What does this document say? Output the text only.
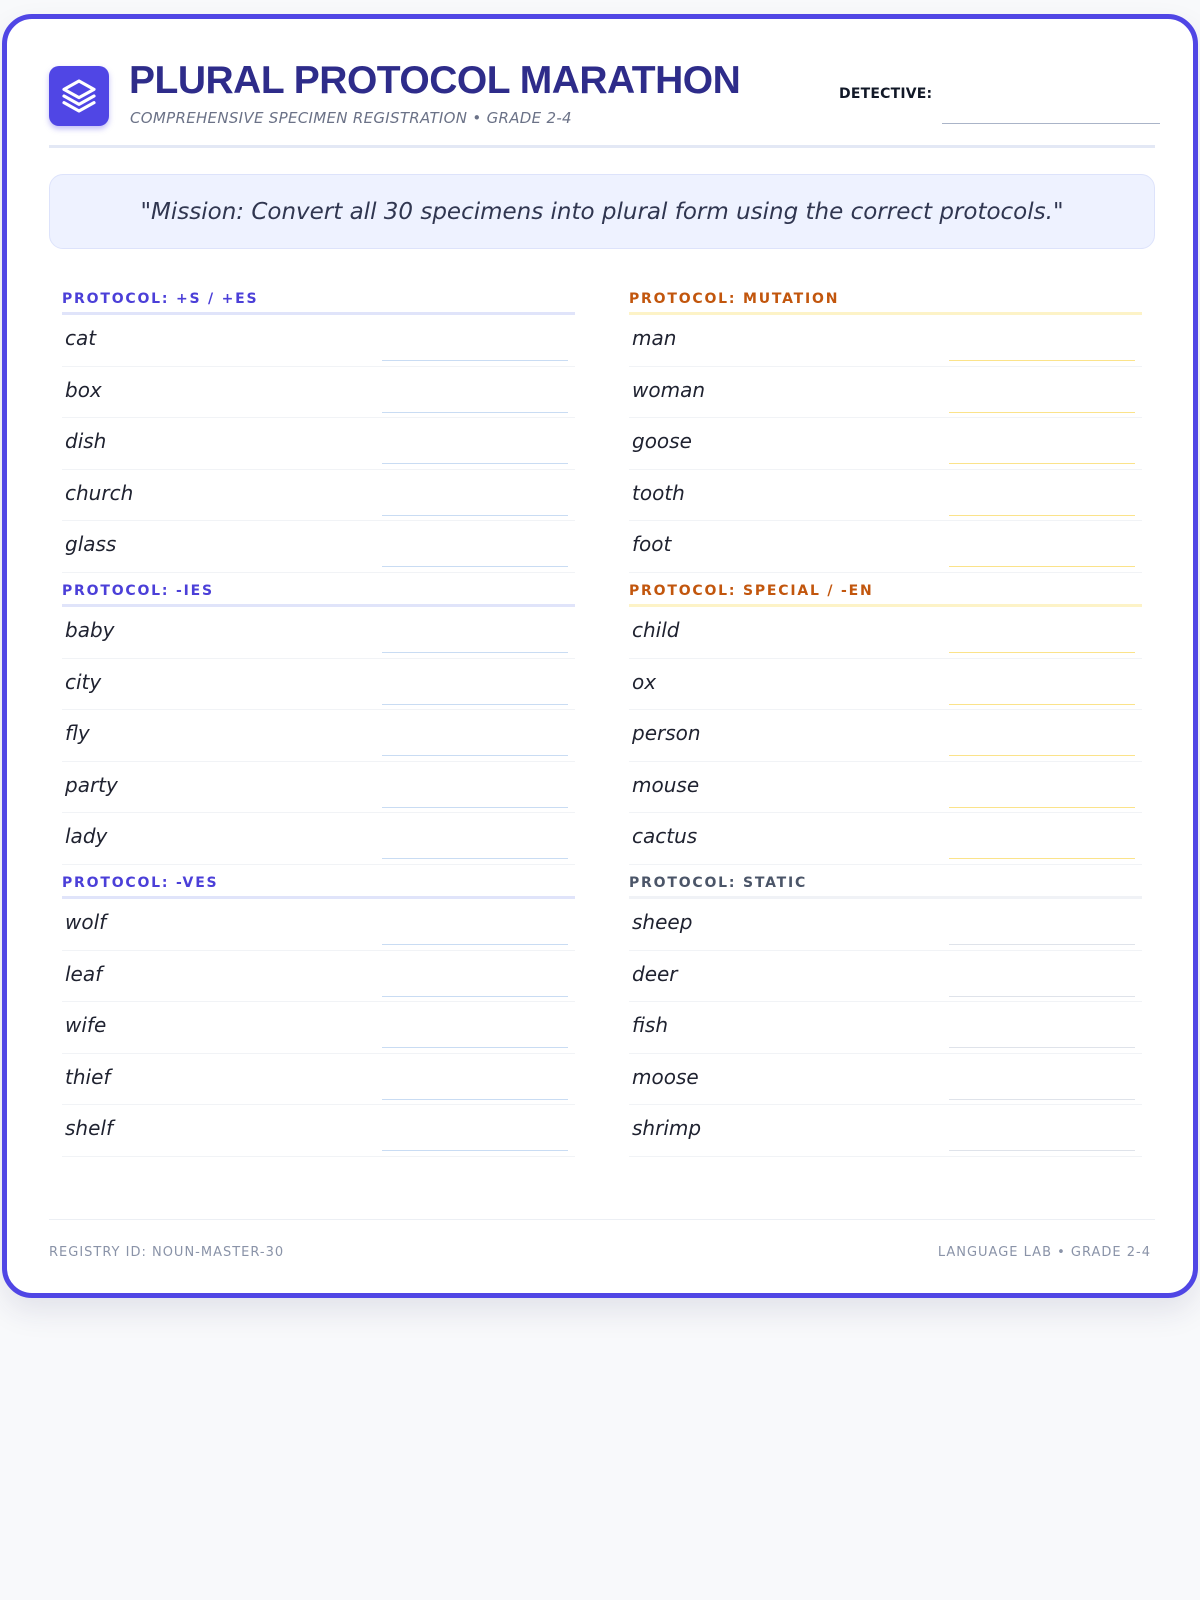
PLURAL PROTOCOL MARATHON
COMPREHENSIVE SPECIMEN REGISTRATION • GRADE 2-4
DETECTIVE:
"Mission: Convert all 30 specimens into plural form using the correct protocols."
PROTOCOL: +S / +ES
cat
box
dish
church
glass
PROTOCOL: -IES
baby
city
fly
party
lady
PROTOCOL: -VES
wolf
leaf
wife
thief
shelf
PROTOCOL: MUTATION
man
woman
goose
tooth
foot
PROTOCOL: SPECIAL / -EN
child
ox
person
mouse
cactus
PROTOCOL: STATIC
sheep
deer
fish
moose
shrimp
REGISTRY ID: NOUN-MASTER-30	LANGUAGE LAB • GRADE 2-4
